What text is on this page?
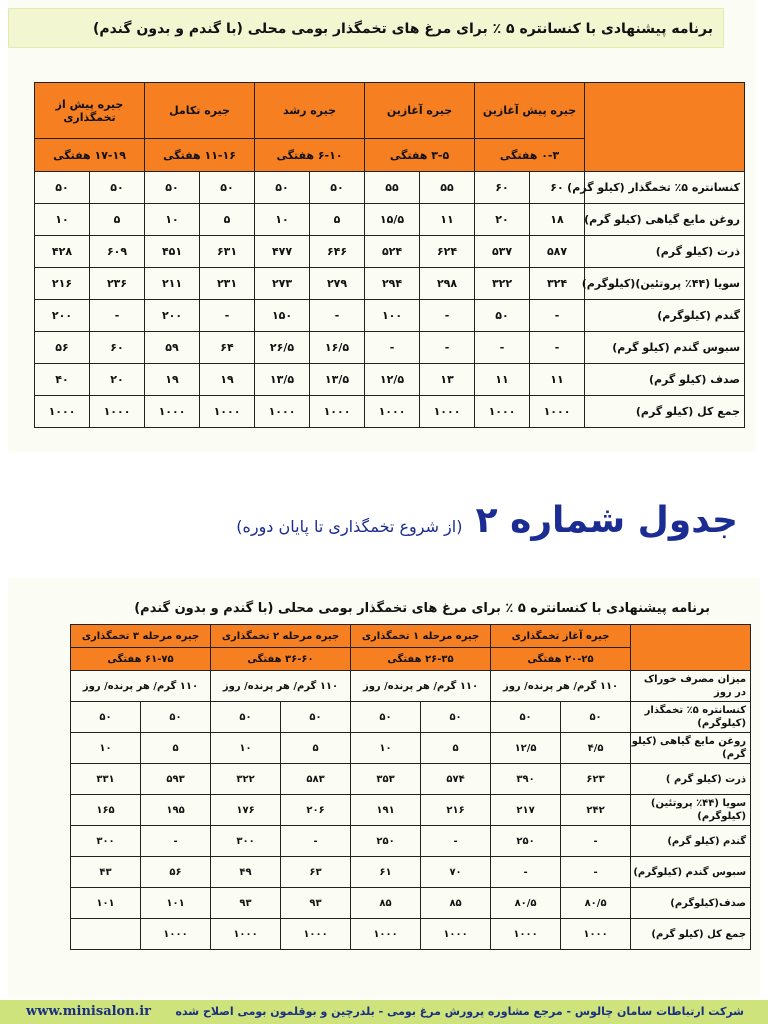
برنامه پیشنهادی با کنسانتره ۵ ٪ برای مرغ های تخمگذار بومی محلی (با گندم و بدون گندم)
	جیره پیش آغازین		جیره آغازین		جیره رشد		جیره تکامل		جیره پیش از تخمگذاری	
	۰-۳ هفتگی		۳-۵ هفتگی		۶-۱۰ هفتگی		۱۱-۱۶ هفتگی		۱۷-۱۹ هفتگی	
کنسانتره ۵٪ تخمگذار (کیلو گرم)	۶۰	۶۰	۵۵	۵۵	۵۰	۵۰	۵۰	۵۰	۵۰	۵۰
روغن مایع گیاهی (کیلو گرم)	۱۸	۲۰	۱۱	۱۵/۵	۵	۱۰	۵	۱۰	۵	۱۰
ذرت (کیلو گرم)	۵۸۷	۵۳۷	۶۲۴	۵۲۴	۶۴۶	۴۷۷	۶۳۱	۴۵۱	۶۰۹	۴۲۸
سویا (۴۴٪ پروتئین)(کیلوگرم)	۳۲۴	۳۲۲	۲۹۸	۲۹۴	۲۷۹	۲۷۳	۲۳۱	۲۱۱	۲۳۶	۲۱۶
گندم (کیلوگرم)	-	۵۰	-	۱۰۰	-	۱۵۰	-	۲۰۰	-	۲۰۰
سبوس گندم (کیلو گرم)	-	-	-	-	۱۶/۵	۲۶/۵	۶۴	۵۹	۶۰	۵۶
صدف (کیلو گرم)	۱۱	۱۱	۱۳	۱۲/۵	۱۳/۵	۱۳/۵	۱۹	۱۹	۲۰	۴۰
جمع کل (کیلو گرم)	۱۰۰۰	۱۰۰۰	۱۰۰۰	۱۰۰۰	۱۰۰۰	۱۰۰۰	۱۰۰۰	۱۰۰۰	۱۰۰۰	۱۰۰۰
جدول شماره ۲ (از شروع تخمگذاری تا پایان دوره)
برنامه پیشنهادی با کنسانتره ۵ ٪ برای مرغ های تخمگذار بومی محلی (با گندم و بدون گندم)
	جیره آغاز تخمگذاری		جیره مرحله ۱ تخمگذاری		جیره مرحله ۲ تخمگذاری		جیره مرحله ۳ تخمگذاری	
	۲۰-۲۵ هفتگی		۲۶-۳۵ هفتگی		۳۶-۶۰ هفتگی		۶۱-۷۵ هفتگی	
میزان مصرف خوراک در روز	۱۱۰ گرم/ هر پرنده/ روز		۱۱۰ گرم/ هر پرنده/ روز		۱۱۰ گرم/ هر پرنده/ روز		۱۱۰ گرم/ هر پرنده/ روز	
کنسانتره ۵٪ تخمگذار (کیلوگرم)	۵۰	۵۰	۵۰	۵۰	۵۰	۵۰	۵۰	۵۰
روغن مایع گیاهی (کیلو گرم)	۴/۵	۱۲/۵	۵	۱۰	۵	۱۰	۵	۱۰
ذرت (کیلو گرم )	۶۲۳	۳۹۰	۵۷۴	۳۵۳	۵۸۳	۳۲۲	۵۹۳	۳۳۱
سویا (۴۴٪ پروتئین) (کیلوگرم)	۲۴۲	۲۱۷	۲۱۶	۱۹۱	۲۰۶	۱۷۶	۱۹۵	۱۶۵
گندم (کیلو گرم)	-	۲۵۰	-	۲۵۰	-	۳۰۰	-	۳۰۰
سبوس گندم (کیلوگرم)	-	-	۷۰	۶۱	۶۳	۴۹	۵۶	۴۳
صدف(کیلوگرم)	۸۰/۵	۸۰/۵	۸۵	۸۵	۹۳	۹۳	۱۰۱	۱۰۱
جمع کل (کیلو گرم)	۱۰۰۰	۱۰۰۰	۱۰۰۰	۱۰۰۰	۱۰۰۰	۱۰۰۰	۱۰۰۰	
www.minisalon.ir شرکت ارتباطات سامان چالوس - مرجع مشاوره پرورش مرغ بومی - بلدرچین و بوقلمون بومی اصلاح شده
